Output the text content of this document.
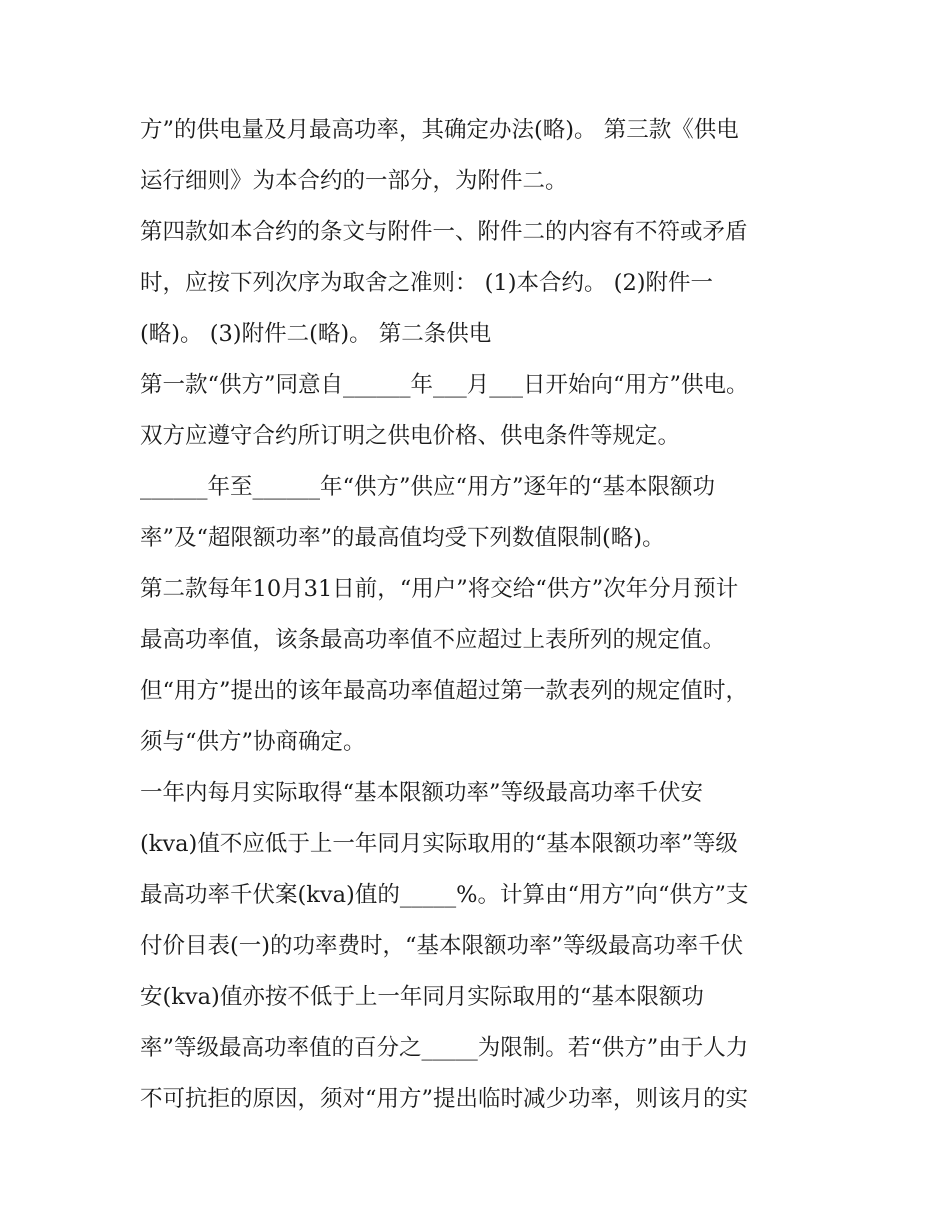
方”的供电量及月最高功率，其确定办法(略)。 第三款《供电
运行细则》为本合约的一部分，为附件二。
第四款如本合约的条文与附件一、附件二的内容有不符或矛盾
时，应按下列次序为取舍之准则： (1)本合约。 (2)附件一
(略)。 (3)附件二(略)。 第二条供电
第一款“供方”同意自______年___月___日开始向“用方”供电。
双方应遵守合约所订明之供电价格、供电条件等规定。
______年至______年“供方”供应“用方”逐年的“基本限额功
率”及“超限额功率”的最高值均受下列数值限制(略)。
第二款每年10月31日前，“用户”将交给“供方”次年分月预计
最高功率值，该条最高功率值不应超过上表所列的规定值。
但“用方”提出的该年最高功率值超过第一款表列的规定值时，
须与“供方”协商确定。
一年内每月实际取得“基本限额功率”等级最高功率千伏安
(kva)值不应低于上一年同月实际取用的“基本限额功率”等级
最高功率千伏案(kva)值的_____%。计算由“用方”向“供方”支
付价目表(一)的功率费时，“基本限额功率”等级最高功率千伏
安(kva)值亦按不低于上一年同月实际取用的“基本限额功
率”等级最高功率值的百分之_____为限制。若“供方”由于人力
不可抗拒的原因，须对“用方”提出临时减少功率，则该月的实
